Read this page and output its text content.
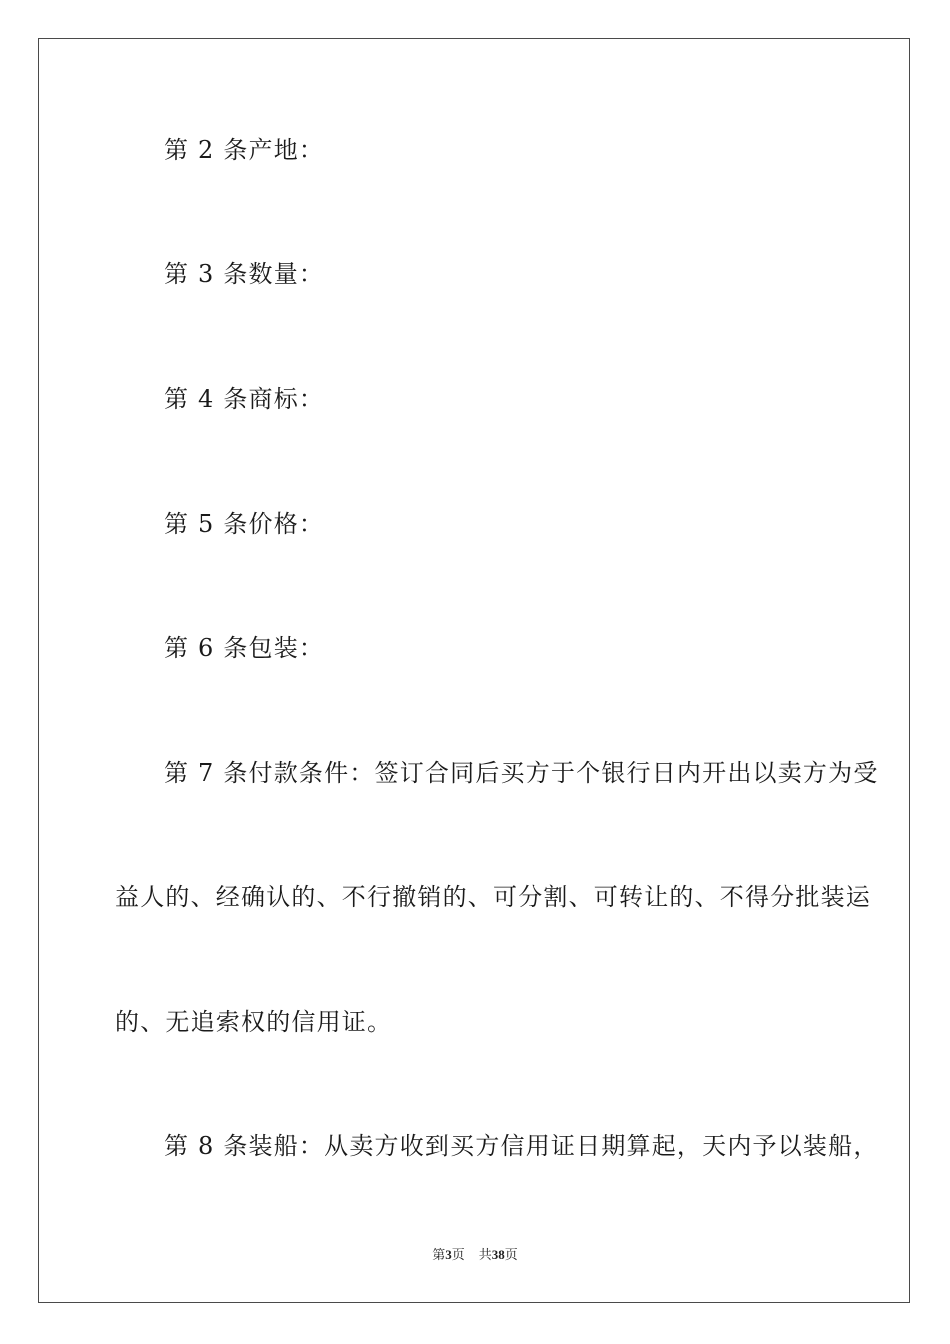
第 2 条产地：
第 3 条数量：
第 4 条商标：
第 5 条价格：
第 6 条包装：
第 7 条付款条件：签订合同后买方于个银行日内开出以卖方为受
益人的、经确认的、不行撤销的、可分割、可转让的、不得分批装运
的、无追索权的信用证。
第 8 条装船：从卖方收到买方信用证日期算起，天内予以装船，
第3页 共38页
